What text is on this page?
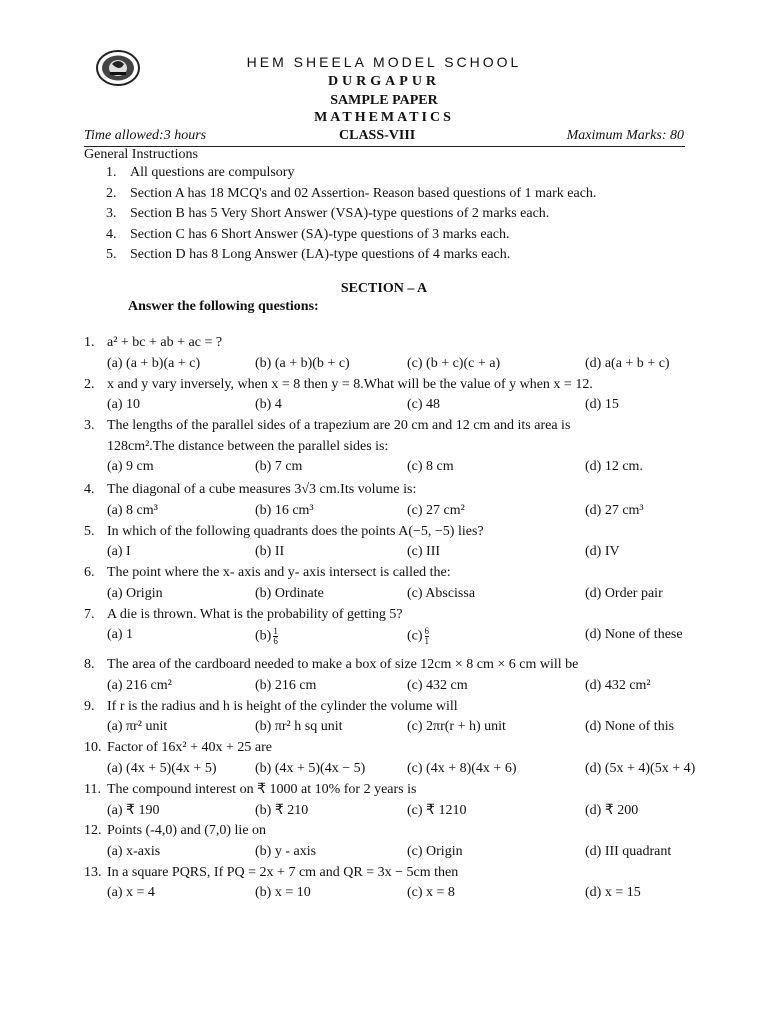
HEM SHEELA MODEL SCHOOL
DURGAPUR
SAMPLE PAPER
MATHEMATICS
Time allowed:3 hours	CLASS-VIII	Maximum Marks: 80
General Instructions
1. All questions are compulsory
2. Section A has 18 MCQ's and 02 Assertion- Reason based questions of 1 mark each.
3. Section B has 5 Very Short Answer (VSA)-type questions of 2 marks each.
4. Section C has 6 Short Answer (SA)-type questions of 3 marks each.
5. Section D has 8 Long Answer (LA)-type questions of 4 marks each.
SECTION – A
Answer the following questions:
1. a² + bc + ab + ac = ?
(a) (a + b)(a + c)	(b) (a + b)(b + c)	(c) (b + c)(c + a)	(d) a(a + b + c)
2. x and y vary inversely, when x = 8 then y = 8.What will be the value of y when x = 12.
(a) 10	(b) 4	(c) 48	(d) 15
3. The lengths of the parallel sides of a trapezium are 20 cm and 12 cm and its area is
128cm².The distance between the parallel sides is:
(a) 9 cm	(b) 7 cm	(c) 8 cm	(d) 12 cm.
4. The diagonal of a cube measures 3√3 cm.Its volume is:
(a) 8 cm³	(b) 16 cm³	(c) 27 cm²	(d) 27 cm³
5. In which of the following quadrants does the points A(−5, −5) lies?
(a) I	(b) II	(c) III	(d) IV
6. The point where the x- axis and y- axis intersect is called the:
(a) Origin	(b) Ordinate	(c) Abscissa	(d) Order pair
7. A die is thrown. What is the probability of getting 5?
(a) 1	$(b) \frac{1}{6}$	$(c) \frac{6}{1}$	(d) None of these
8. The area of the cardboard needed to make a box of size 12cm × 8 cm × 6 cm will be
(a) 216 cm²	(b) 216 cm	(c) 432 cm	(d) 432 cm²
9. If r is the radius and h is height of the cylinder the volume will
(a) πr² unit	(b) πr² h sq unit	(c) 2πr(r + h) unit	(d) None of this
10. Factor of 16x² + 40x + 25 are
(a) (4x + 5)(4x + 5)	(b) (4x + 5)(4x − 5)	(c) (4x + 8)(4x + 6)	(d) (5x + 4)(5x + 4)
11. The compound interest on ₹ 1000 at 10% for 2 years is
(a) ₹ 190	(b) ₹ 210	(c) ₹ 1210	(d) ₹ 200
12. Points (-4,0) and (7,0) lie on
(a) x-axis	(b) y - axis	(c) Origin	(d) III quadrant
13. In a square PQRS, If PQ = 2x + 7 cm and QR = 3x − 5cm then
(a) x = 4	(b) x = 10	(c) x = 8	(d) x = 15
